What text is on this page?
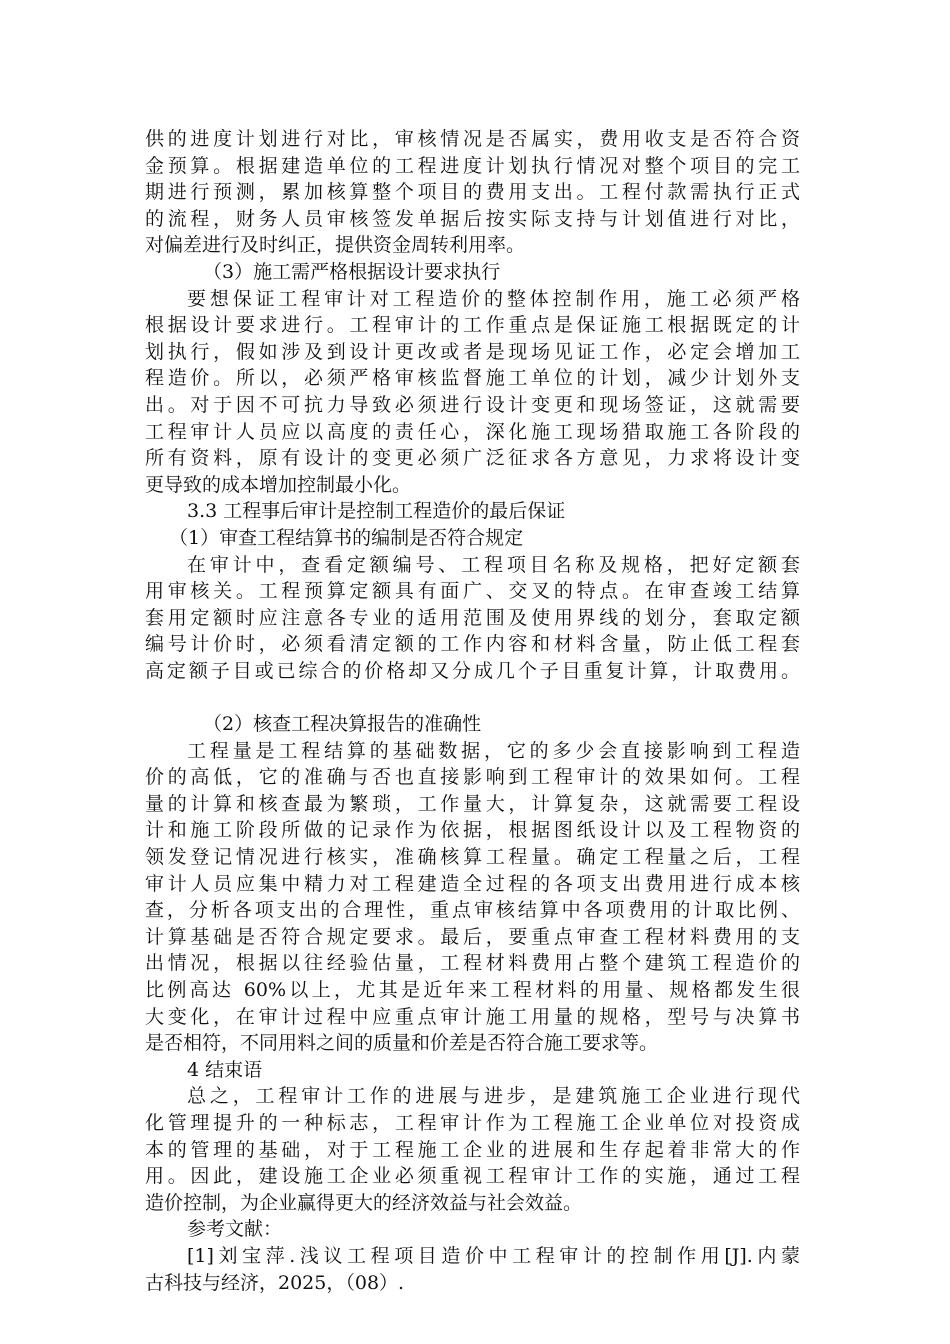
供的进度计划进行对比，审核情况是否属实，费用收支是否符合资
金预算。根据建造单位的工程进度计划执行情况对整个项目的完工
期进行预测，累加核算整个项目的费用支出。工程付款需执行正式
的流程，财务人员审核签发单据后按实际支持与计划值进行对比，
对偏差进行及时纠正，提供资金周转利用率。
（3）施工需严格根据设计要求执行
要想保证工程审计对工程造价的整体控制作用，施工必须严格
根据设计要求进行。工程审计的工作重点是保证施工根据既定的计
划执行，假如涉及到设计更改或者是现场见证工作，必定会增加工
程造价。所以，必须严格审核监督施工单位的计划，减少计划外支
出。对于因不可抗力导致必须进行设计变更和现场签证，这就需要
工程审计人员应以高度的责任心，深化施工现场猎取施工各阶段的
所有资料，原有设计的变更必须广泛征求各方意见，力求将设计变
更导致的成本增加控制最小化。
3.3 工程事后审计是控制工程造价的最后保证
（1）审查工程结算书的编制是否符合规定
在审计中，查看定额编号、工程项目名称及规格，把好定额套
用审核关。工程预算定额具有面广、交叉的特点。在审查竣工结算
套用定额时应注意各专业的适用范围及使用界线的划分，套取定额
编号计价时，必须看清定额的工作内容和材料含量，防止低工程套
高定额子目或已综合的价格却又分成几个子目重复计算，计取费用。
（2）核查工程决算报告的准确性
工程量是工程结算的基础数据，它的多少会直接影响到工程造
价的高低，它的准确与否也直接影响到工程审计的效果如何。工程
量的计算和核查最为繁琐，工作量大，计算复杂，这就需要工程设
计和施工阶段所做的记录作为依据，根据图纸设计以及工程物资的
领发登记情况进行核实，准确核算工程量。确定工程量之后，工程
审计人员应集中精力对工程建造全过程的各项支出费用进行成本核
查，分析各项支出的合理性，重点审核结算中各项费用的计取比例、
计算基础是否符合规定要求。最后，要重点审查工程材料费用的支
出情况，根据以往经验估量，工程材料费用占整个建筑工程造价的
比例高达 60%以上，尤其是近年来工程材料的用量、规格都发生很
大变化，在审计过程中应重点审计施工用量的规格，型号与决算书
是否相符，不同用料之间的质量和价差是否符合施工要求等。
4 结束语
总之，工程审计工作的进展与进步，是建筑施工企业进行现代
化管理提升的一种标志，工程审计作为工程施工企业单位对投资成
本的管理的基础，对于工程施工企业的进展和生存起着非常大的作
用。因此，建设施工企业必须重视工程审计工作的实施，通过工程
造价控制，为企业赢得更大的经济效益与社会效益。
参考文献：
[1]刘宝萍.浅议工程项目造价中工程审计的控制作用[J].内蒙
古科技与经济，2025，（08）.
